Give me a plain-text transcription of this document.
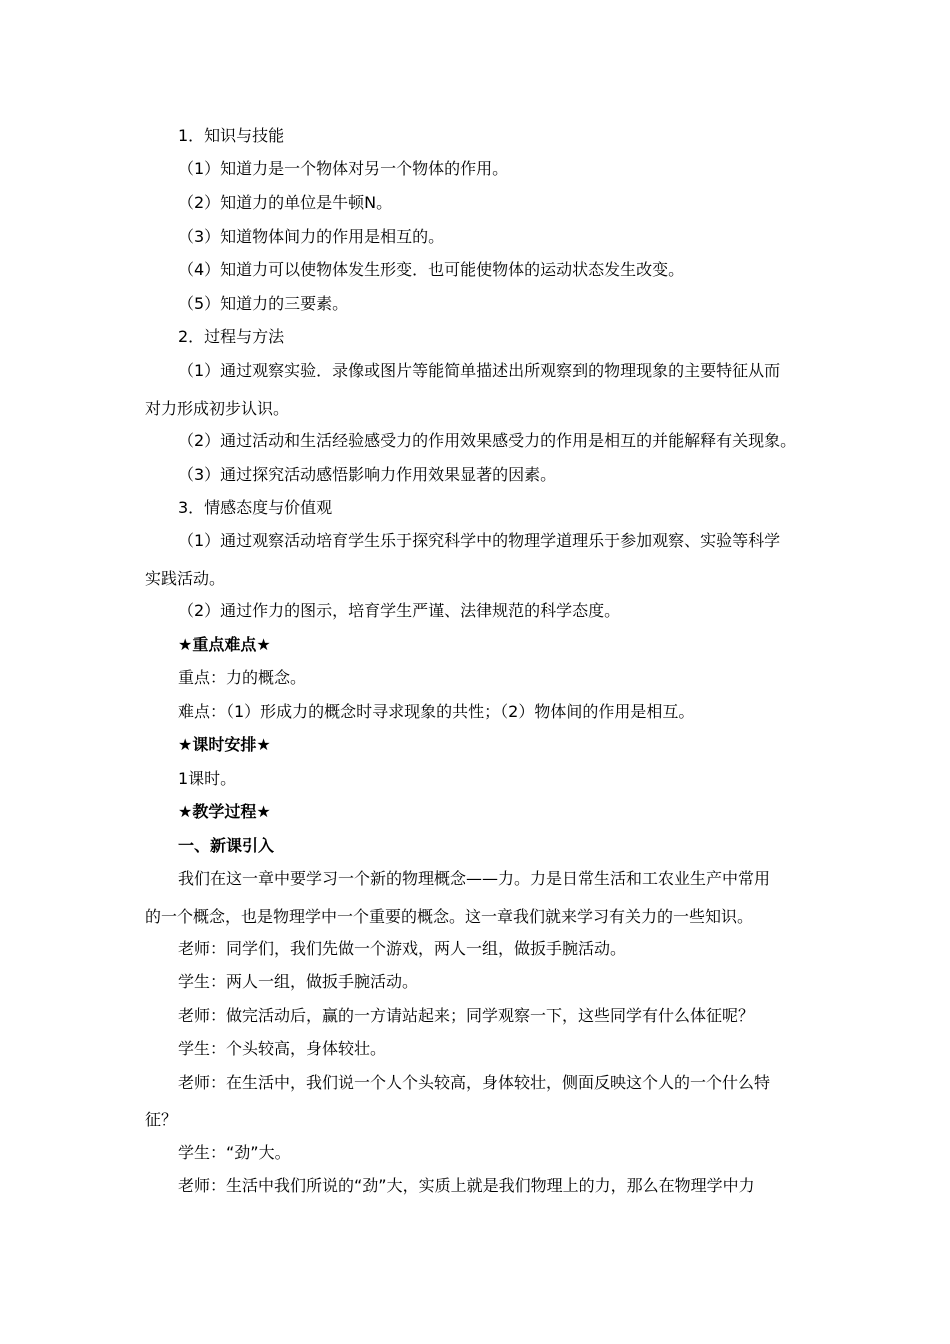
1．知识与技能
（1）知道力是一个物体对另一个物体的作用。
（2）知道力的单位是牛顿N。
（3）知道物体间力的作用是相互的。
（4）知道力可以使物体发生形变．也可能使物体的运动状态发生改变。
（5）知道力的三要素。
2．过程与方法
（1）通过观察实验．录像或图片等能简单描述出所观察到的物理现象的主要特征从而
对力形成初步认识。
（2）通过活动和生活经验感受力的作用效果感受力的作用是相互的并能解释有关现象。
（3）通过探究活动感悟影响力作用效果显著的因素。
3．情感态度与价值观
（1）通过观察活动培育学生乐于探究科学中的物理学道理乐于参加观察、实验等科学
实践活动。
（2）通过作力的图示，培育学生严谨、法律规范的科学态度。
★重点难点★
重点：力的概念。
难点：（1）形成力的概念时寻求现象的共性；（2）物体间的作用是相互。
★课时安排★
1课时。
★教学过程★
一、新课引入
我们在这一章中要学习一个新的物理概念——力。力是日常生活和工农业生产中常用
的一个概念，也是物理学中一个重要的概念。这一章我们就来学习有关力的一些知识。
老师：同学们，我们先做一个游戏，两人一组，做扳手腕活动。
学生：两人一组，做扳手腕活动。
老师：做完活动后，赢的一方请站起来；同学观察一下，这些同学有什么体征呢？
学生：个头较高，身体较壮。
老师：在生活中，我们说一个人个头较高，身体较壮，侧面反映这个人的一个什么特
征？
学生：“劲”大。
老师：生活中我们所说的“劲”大，实质上就是我们物理上的力，那么在物理学中力
